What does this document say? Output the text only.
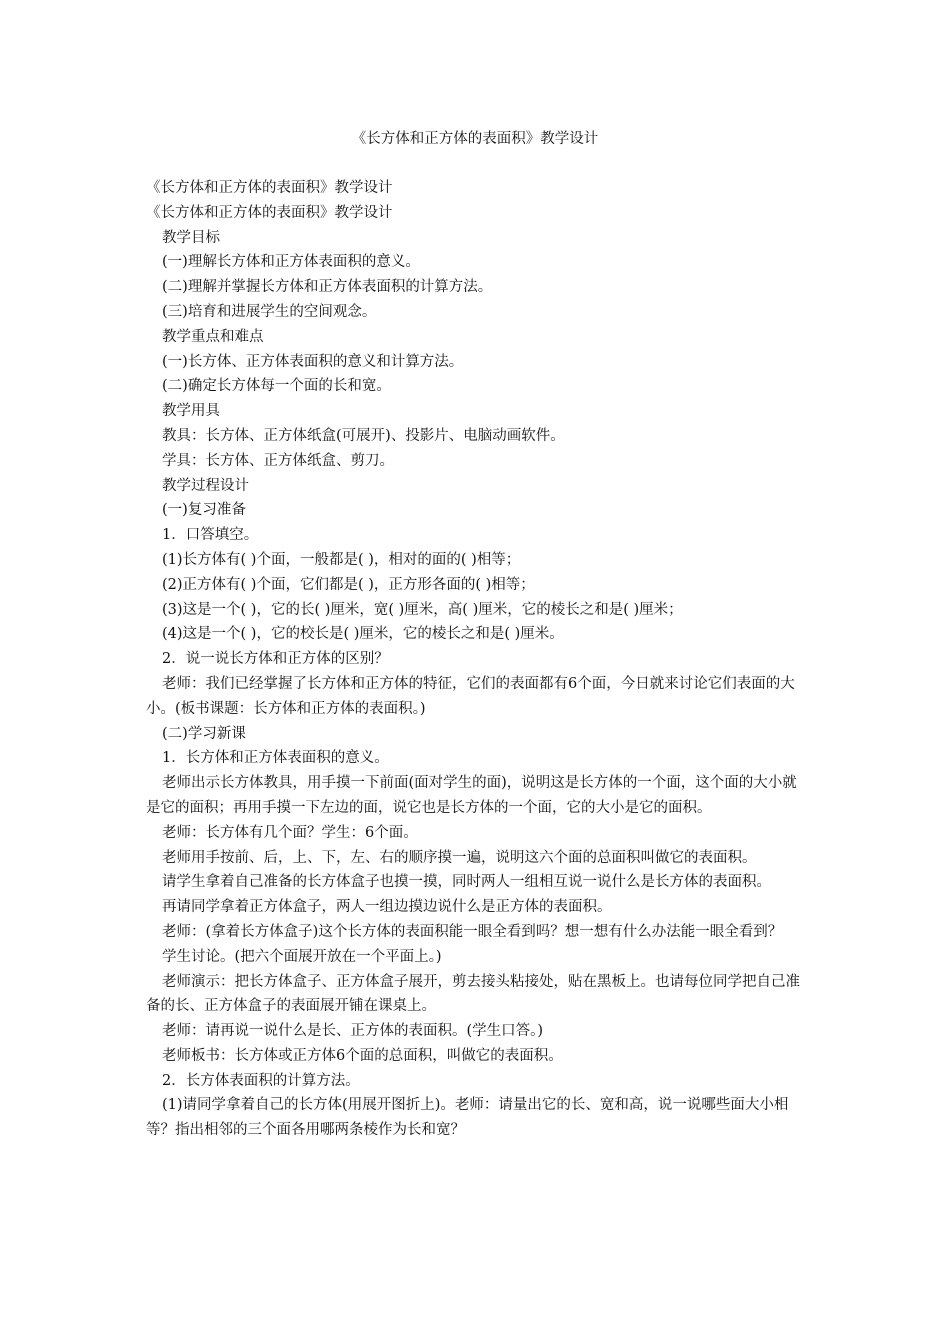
《长方体和正方体的表面积》教学设计

《长方体和正方体的表面积》教学设计

《长方体和正方体的表面积》教学设计

教学目标

(一)理解长方体和正方体表面积的意义。

(二)理解并掌握长方体和正方体表面积的计算方法。

(三)培育和进展学生的空间观念。

教学重点和难点

(一)长方体、正方体表面积的意义和计算方法。

(二)确定长方体每一个面的长和宽。

教学用具

教具：长方体、正方体纸盒(可展开)、投影片、电脑动画软件。

学具：长方体、正方体纸盒、剪刀。

教学过程设计

(一)复习准备

1．口答填空。

(1)长方体有( )个面，一般都是( )，相对的面的( )相等；

(2)正方体有( )个面，它们都是( )，正方形各面的( )相等；

(3)这是一个( )，它的长( )厘米，宽( )厘米，高( )厘米，它的棱长之和是( )厘米；

(4)这是一个( )，它的校长是( )厘米，它的棱长之和是( )厘米。

2．说一说长方体和正方体的区别？

老师：我们已经掌握了长方体和正方体的特征，它们的表面都有6个面，今日就来讨论它们表面的大小。(板书课题：长方体和正方体的表面积。)

(二)学习新课

1．长方体和正方体表面积的意义。

老师出示长方体教具，用手摸一下前面(面对学生的面)，说明这是长方体的一个面，这个面的大小就是它的面积；再用手摸一下左边的面，说它也是长方体的一个面，它的大小是它的面积。

老师：长方体有几个面？学生：6个面。

老师用手按前、后，上、下，左、右的顺序摸一遍，说明这六个面的总面积叫做它的表面积。

请学生拿着自己准备的长方体盒子也摸一摸，同时两人一组相互说一说什么是长方体的表面积。

再请同学拿着正方体盒子，两人一组边摸边说什么是正方体的表面积。

老师：(拿着长方体盒子)这个长方体的表面积能一眼全看到吗？想一想有什么办法能一眼全看到？

学生讨论。(把六个面展开放在一个平面上。)

老师演示：把长方体盒子、正方体盒子展开，剪去接头粘接处，贴在黑板上。也请每位同学把自己准备的长、正方体盒子的表面展开铺在课桌上。

老师：请再说一说什么是长、正方体的表面积。(学生口答。)

老师板书：长方体或正方体6个面的总面积，叫做它的表面积。

2．长方体表面积的计算方法。

(1)请同学拿着自己的长方体(用展开图折上)。老师：请量出它的长、宽和高，说一说哪些面大小相等？指出相邻的三个面各用哪两条棱作为长和宽？
